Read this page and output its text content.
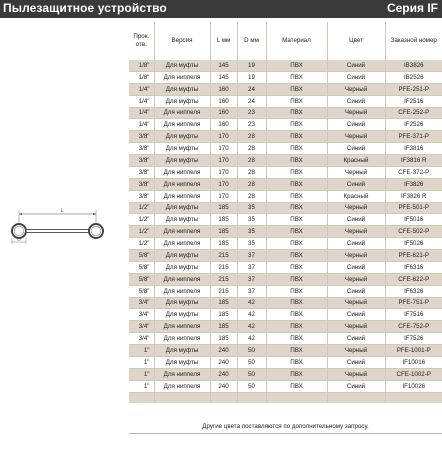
Пылезащитное устройство	Серия IF
L
D
Прок. отв.	Версия	L мм	D мм	Материал	Цвет	Заказной номер
1/8"	Для муфты	145	19	ПВХ	Синий	IB3826
1/8"	Для ниппеля	145	19	ПВХ	Синий	IB2526
1/4"	Для муфты	160	24	ПВХ	Черный	PFE-251-P
1/4"	Для муфты	160	24	ПВХ	Синий	IF2516
1/4"	Для ниппеля	160	23	ПВХ	Черный	CFE-252-P
1/4"	Для ниппеля	160	23	ПВХ	Синий	IF2526
3/8"	Для муфты	170	28	ПВХ	Черный	PFE-371-P
3/8"	Для муфты	170	28	ПВХ	Синий	IF3816
3/8"	Для муфты	170	28	ПВХ	Красный	IF3816 R
3/8"	Для ниппеля	170	28	ПВХ	Черный	CFE-372-P
3/8"	Для ниппеля	170	28	ПВХ	Синий	IF3826
3/8"	Для ниппеля	170	28	ПВХ	Красный	IF3826 R
1/2"	Для муфты	185	35	ПВХ	Черный	PFE-501-P
1/2"	Для муфты	185	35	ПВХ	Синий	IF5016
1/2"	Для ниппеля	185	35	ПВХ	Черный	CFE-502-P
1/2"	Для ниппеля	185	35	ПВХ	Синий	IF5026
5/8"	Для муфты	215	37	ПВХ	Черный	PFE-621-P
5/8"	Для муфты	215	37	ПВХ	Синий	IF6316
5/8"	Для ниппеля	215	37	ПВХ	Черный	CFE-622-P
5/8"	Для ниппеля	215	37	ПВХ	Синий	IF6326
3/4"	Для муфты	185	42	ПВХ	Черный	PFE-751-P
3/4"	Для муфты	185	42	ПВХ	Синий	IF7516
3/4"	Для ниппеля	185	42	ПВХ	Черный	CFE-752-P
3/4"	Для ниппеля	185	42	ПВХ	Синий	IF7526
1"	Для муфты	240	50	ПВХ	Черный	PFE-1001-P
1"	Для муфты	240	50	ПВХ	Синий	IF10016
1"	Для ниппеля	240	50	ПВХ	Черный	CFE-1002-P
1"	Для ниппеля	240	50	ПВХ	Синий	IF10026

Другие цвета поставляются по дополнительному запросу.
